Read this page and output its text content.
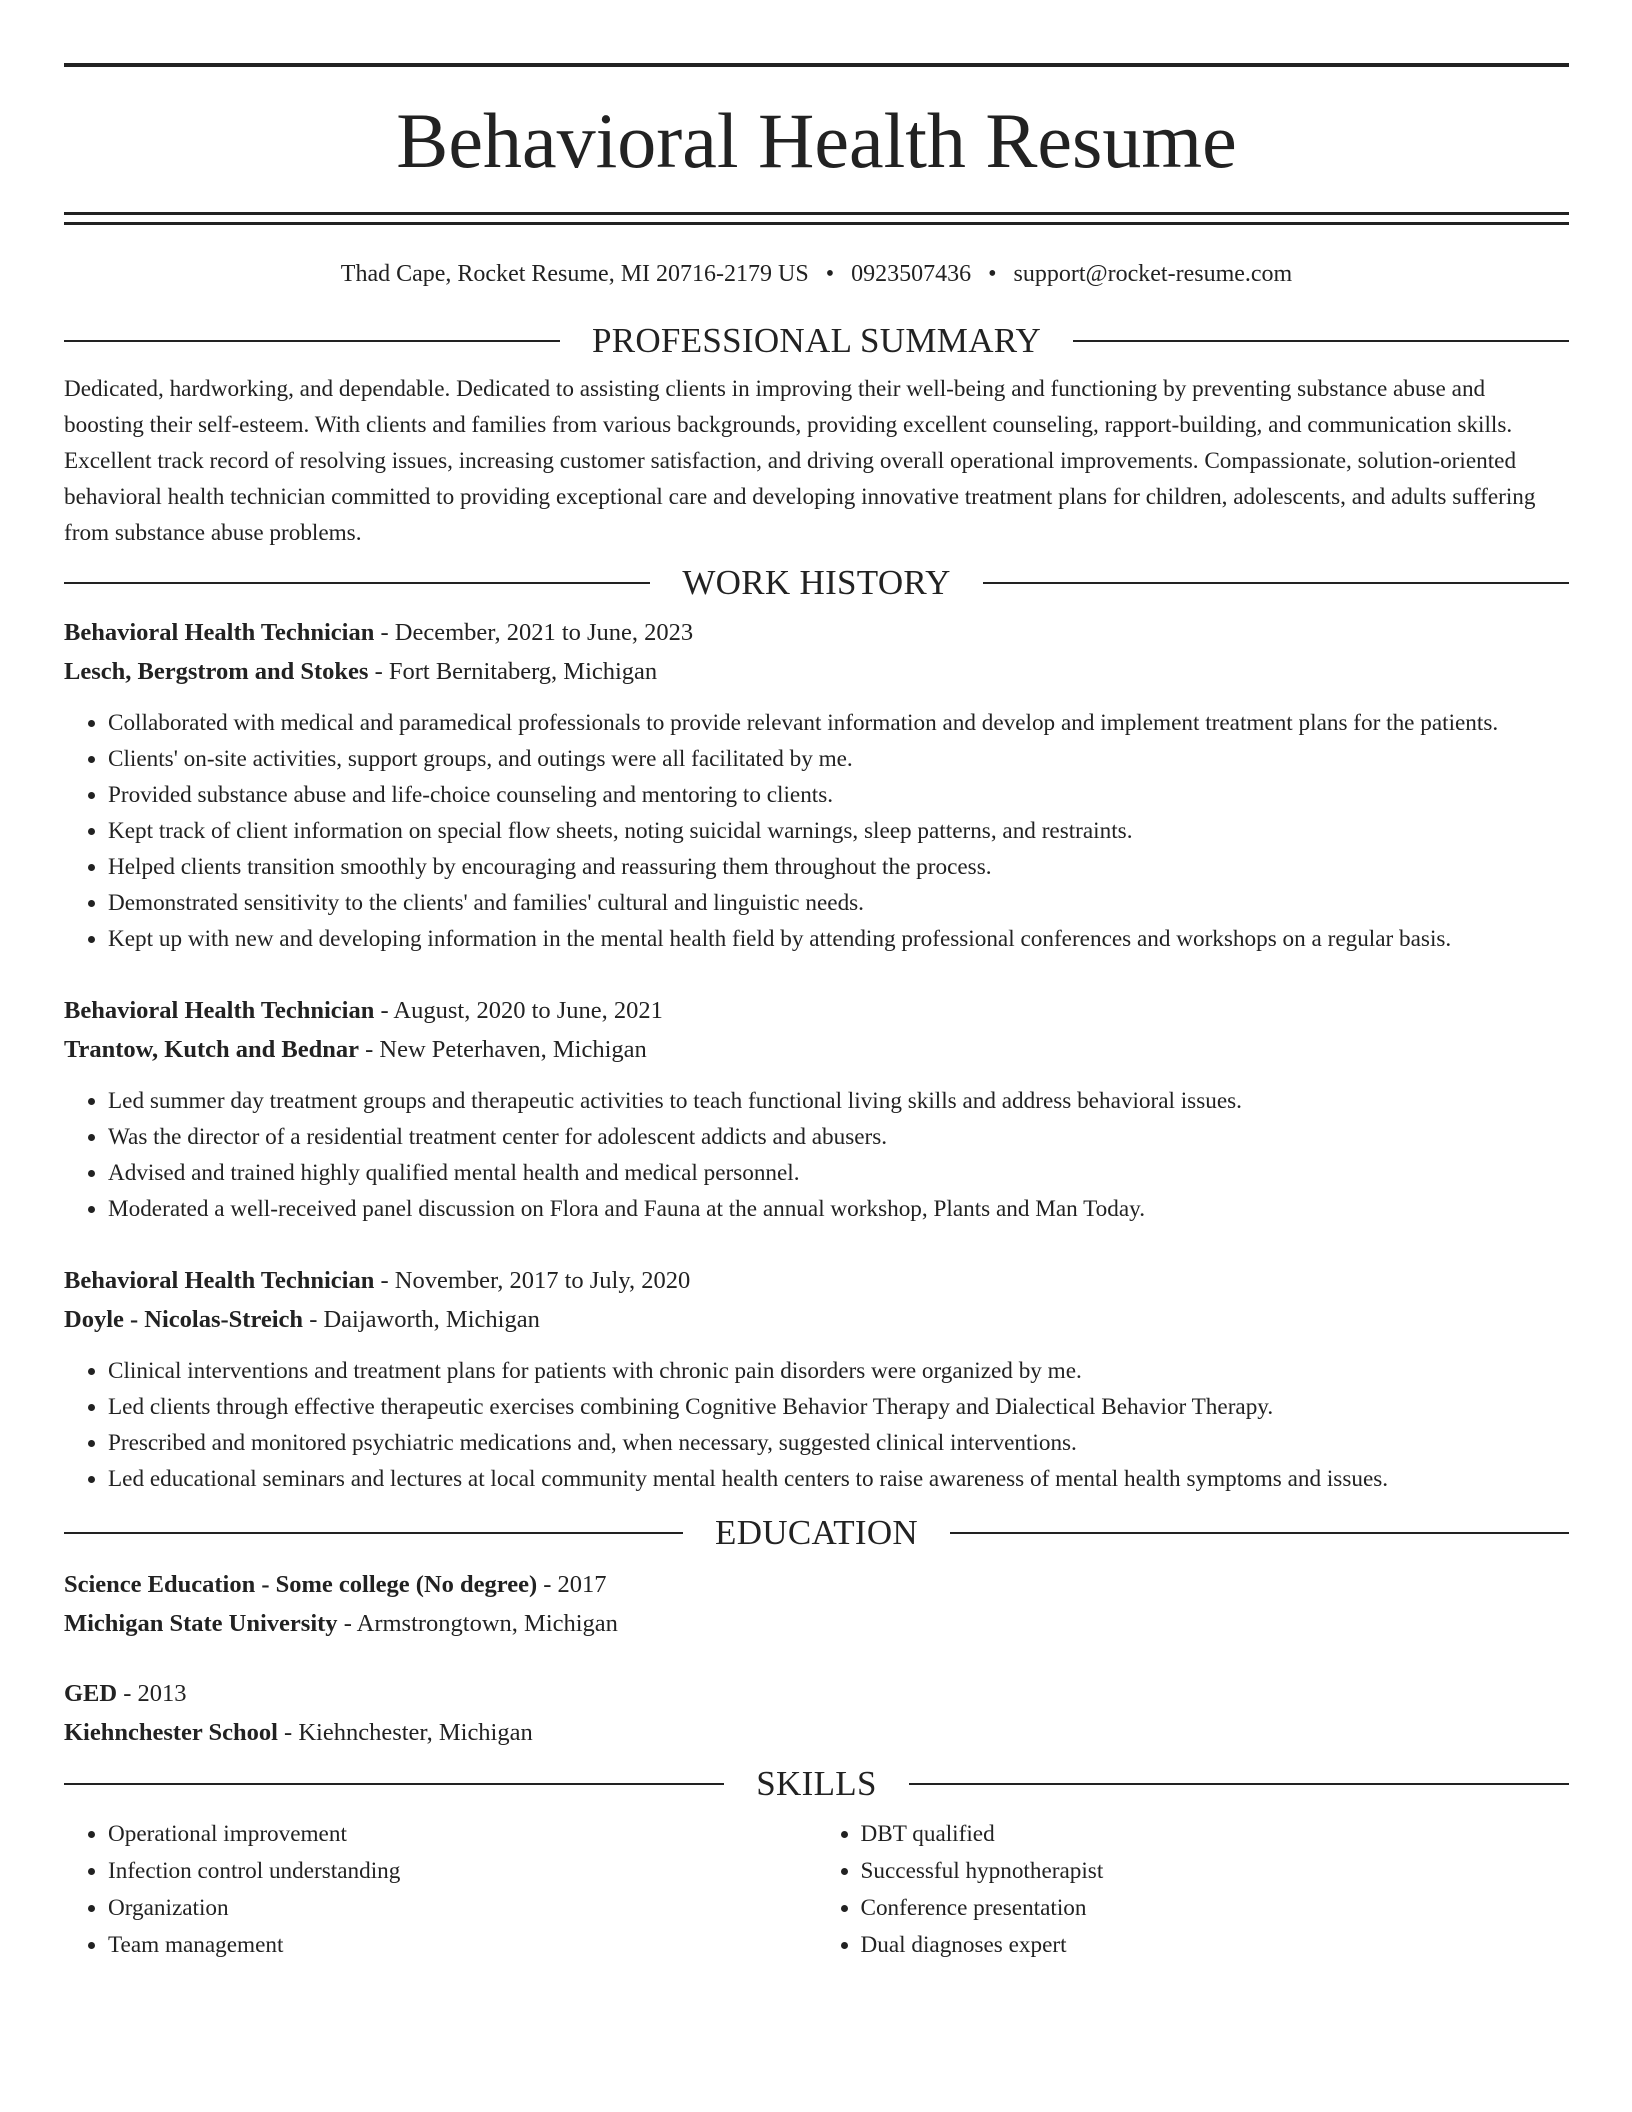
Behavioral Health Resume
Thad Cape, Rocket Resume, MI 20716-2179 US • 0923507436 • support@rocket-resume.com
PROFESSIONAL SUMMARY

Dedicated, hardworking, and dependable. Dedicated to assisting clients in improving their well-being and functioning by preventing substance abuse and boosting their self-esteem. With clients and families from various backgrounds, providing excellent counseling, rapport-building, and communication skills. Excellent track record of resolving issues, increasing customer satisfaction, and driving overall operational improvements. Compassionate, solution-oriented behavioral health technician committed to providing exceptional care and developing innovative treatment plans for children, adolescents, and adults suffering from substance abuse problems.

WORK HISTORY
Behavioral Health Technician - December, 2021 to June, 2023
Lesch, Bergstrom and Stokes - Fort Bernitaberg, Michigan
• Collaborated with medical and paramedical professionals to provide relevant information and develop and implement treatment plans for the patients.
• Clients' on-site activities, support groups, and outings were all facilitated by me.
• Provided substance abuse and life-choice counseling and mentoring to clients.
• Kept track of client information on special flow sheets, noting suicidal warnings, sleep patterns, and restraints.
• Helped clients transition smoothly by encouraging and reassuring them throughout the process.
• Demonstrated sensitivity to the clients' and families' cultural and linguistic needs.
• Kept up with new and developing information in the mental health field by attending professional conferences and workshops on a regular basis.
Behavioral Health Technician - August, 2020 to June, 2021
Trantow, Kutch and Bednar - New Peterhaven, Michigan
• Led summer day treatment groups and therapeutic activities to teach functional living skills and address behavioral issues.
• Was the director of a residential treatment center for adolescent addicts and abusers.
• Advised and trained highly qualified mental health and medical personnel.
• Moderated a well-received panel discussion on Flora and Fauna at the annual workshop, Plants and Man Today.
Behavioral Health Technician - November, 2017 to July, 2020
Doyle - Nicolas-Streich - Daijaworth, Michigan
• Clinical interventions and treatment plans for patients with chronic pain disorders were organized by me.
• Led clients through effective therapeutic exercises combining Cognitive Behavior Therapy and Dialectical Behavior Therapy.
• Prescribed and monitored psychiatric medications and, when necessary, suggested clinical interventions.
• Led educational seminars and lectures at local community mental health centers to raise awareness of mental health symptoms and issues.
EDUCATION
Science Education - Some college (No degree) - 2017
Michigan State University - Armstrongtown, Michigan
GED - 2013
Kiehnchester School - Kiehnchester, Michigan
SKILLS
• Operational improvement
• Infection control understanding
• Organization
• Team management
• DBT qualified
• Successful hypnotherapist
• Conference presentation
• Dual diagnoses expert
